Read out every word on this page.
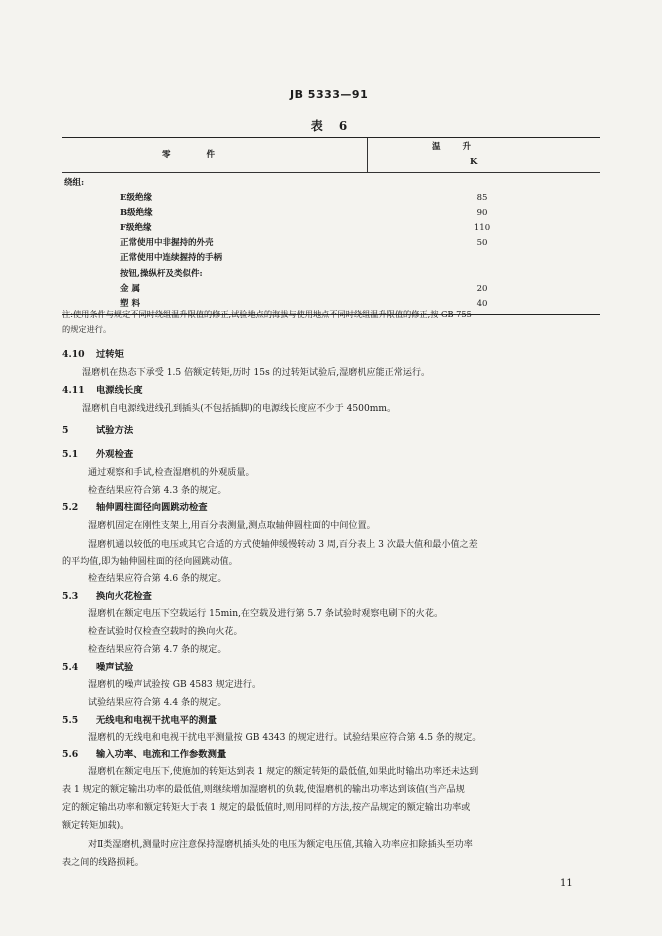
JB 5333—91
表 6
零件
温升
K
绕组:
E级绝缘	85
B级绝缘	90
F级绝缘	110
正常使用中非握持的外壳	50
正常使用中连续握持的手柄
按钮,操纵杆及类似件:
金 属	20
塑 料	40
注:使用条件与规定不同时绕组温升限值的修正,试验地点的海拔与使用地点不同时绕组温升限值的修正,按 GB 755
的规定进行。
4.10 过转矩
湿磨机在热态下承受 1.5 倍额定转矩,历时 15s 的过转矩试验后,湿磨机应能正常运行。
4.11 电源线长度
湿磨机自电源线进线孔到插头(不包括插脚)的电源线长度应不少于 4500mm。
5	试验方法
5.1 外观检查
通过观察和手试,检查湿磨机的外观质量。
检查结果应符合第 4.3 条的规定。
5.2 轴伸圆柱面径向圆跳动检查
湿磨机固定在刚性支架上,用百分表测量,测点取轴伸圆柱面的中间位置。
湿磨机通以较低的电压或其它合适的方式使轴伸缓慢转动 3 周,百分表上 3 次最大值和最小值之差
的平均值,即为轴伸圆柱面的径向圆跳动值。
检查结果应符合第 4.6 条的规定。
5.3 换向火花检查
湿磨机在额定电压下空载运行 15min,在空载及进行第 5.7 条试验时观察电刷下的火花。
检查试验时仅检查空载时的换向火花。
检查结果应符合第 4.7 条的规定。
5.4 噪声试验
湿磨机的噪声试验按 GB 4583 规定进行。
试验结果应符合第 4.4 条的规定。
5.5 无线电和电视干扰电平的测量
湿磨机的无线电和电视干扰电平测量按 GB 4343 的规定进行。试验结果应符合第 4.5 条的规定。
5.6 输入功率、电流和工作参数测量
湿磨机在额定电压下,使施加的转矩达到表 1 规定的额定转矩的最低值,如果此时输出功率还未达到
表 1 规定的额定输出功率的最低值,则继续增加湿磨机的负载,使湿磨机的输出功率达到该值(当产品规
定的额定输出功率和额定转矩大于表 1 规定的最低值时,则用同样的方法,按产品规定的额定输出功率或
额定转矩加载)。
对Ⅱ类湿磨机,测量时应注意保持湿磨机插头处的电压为额定电压值,其输入功率应扣除插头至功率
表之间的线路损耗。
11
